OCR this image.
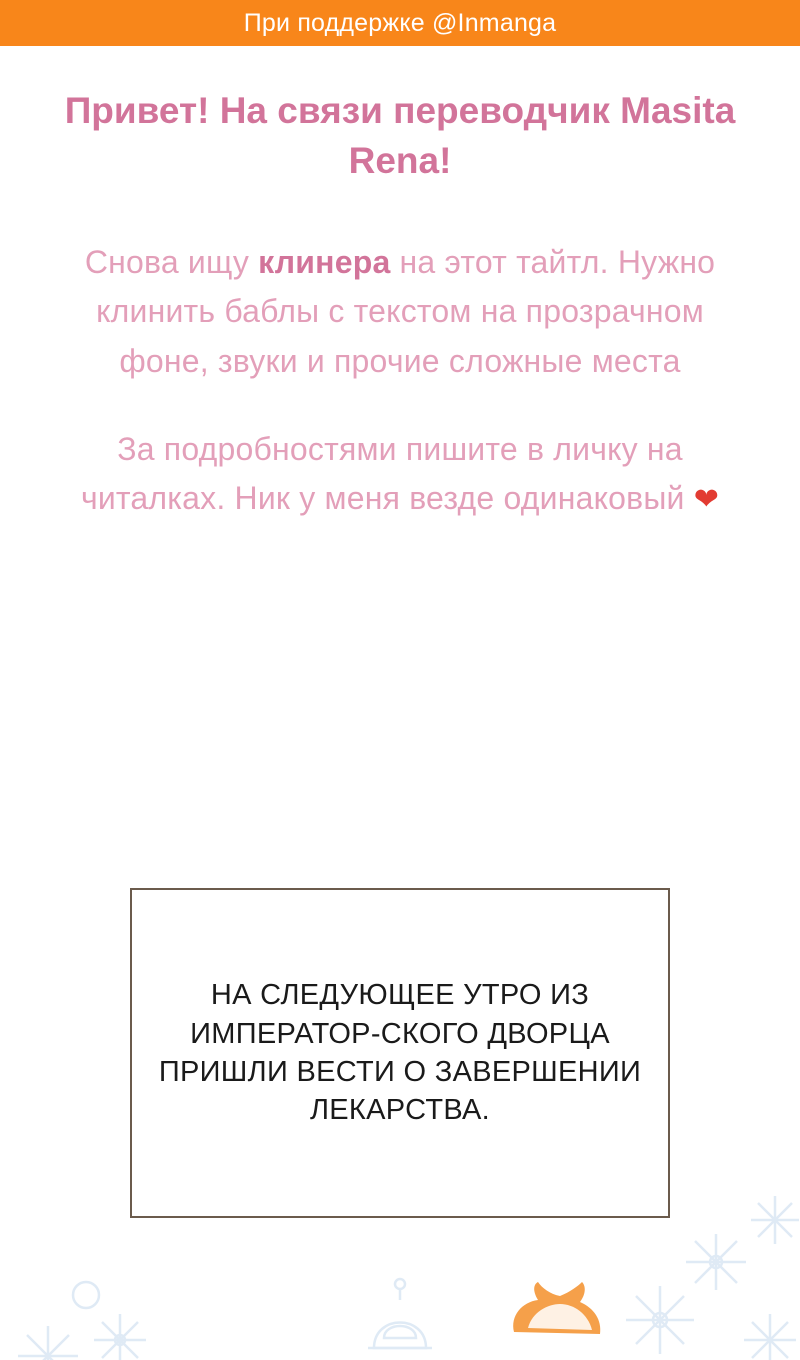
При поддержке @Inmanga
Привет! На связи переводчик Masita Rena!

Снова ищу клинера на этот тайтл. Нужно клинить баблы с текстом на прозрачном фоне, звуки и прочие сложные места

За подробностями пишите в личку на читалках. Ник у меня везде одинаковый ❤

НА СЛЕДУЮЩЕЕ УТРО ИЗ ИМПЕРАТОР-СКОГО ДВОРЦА ПРИШЛИ ВЕСТИ О ЗАВЕРШЕНИИ ЛЕКАРСТВА.
